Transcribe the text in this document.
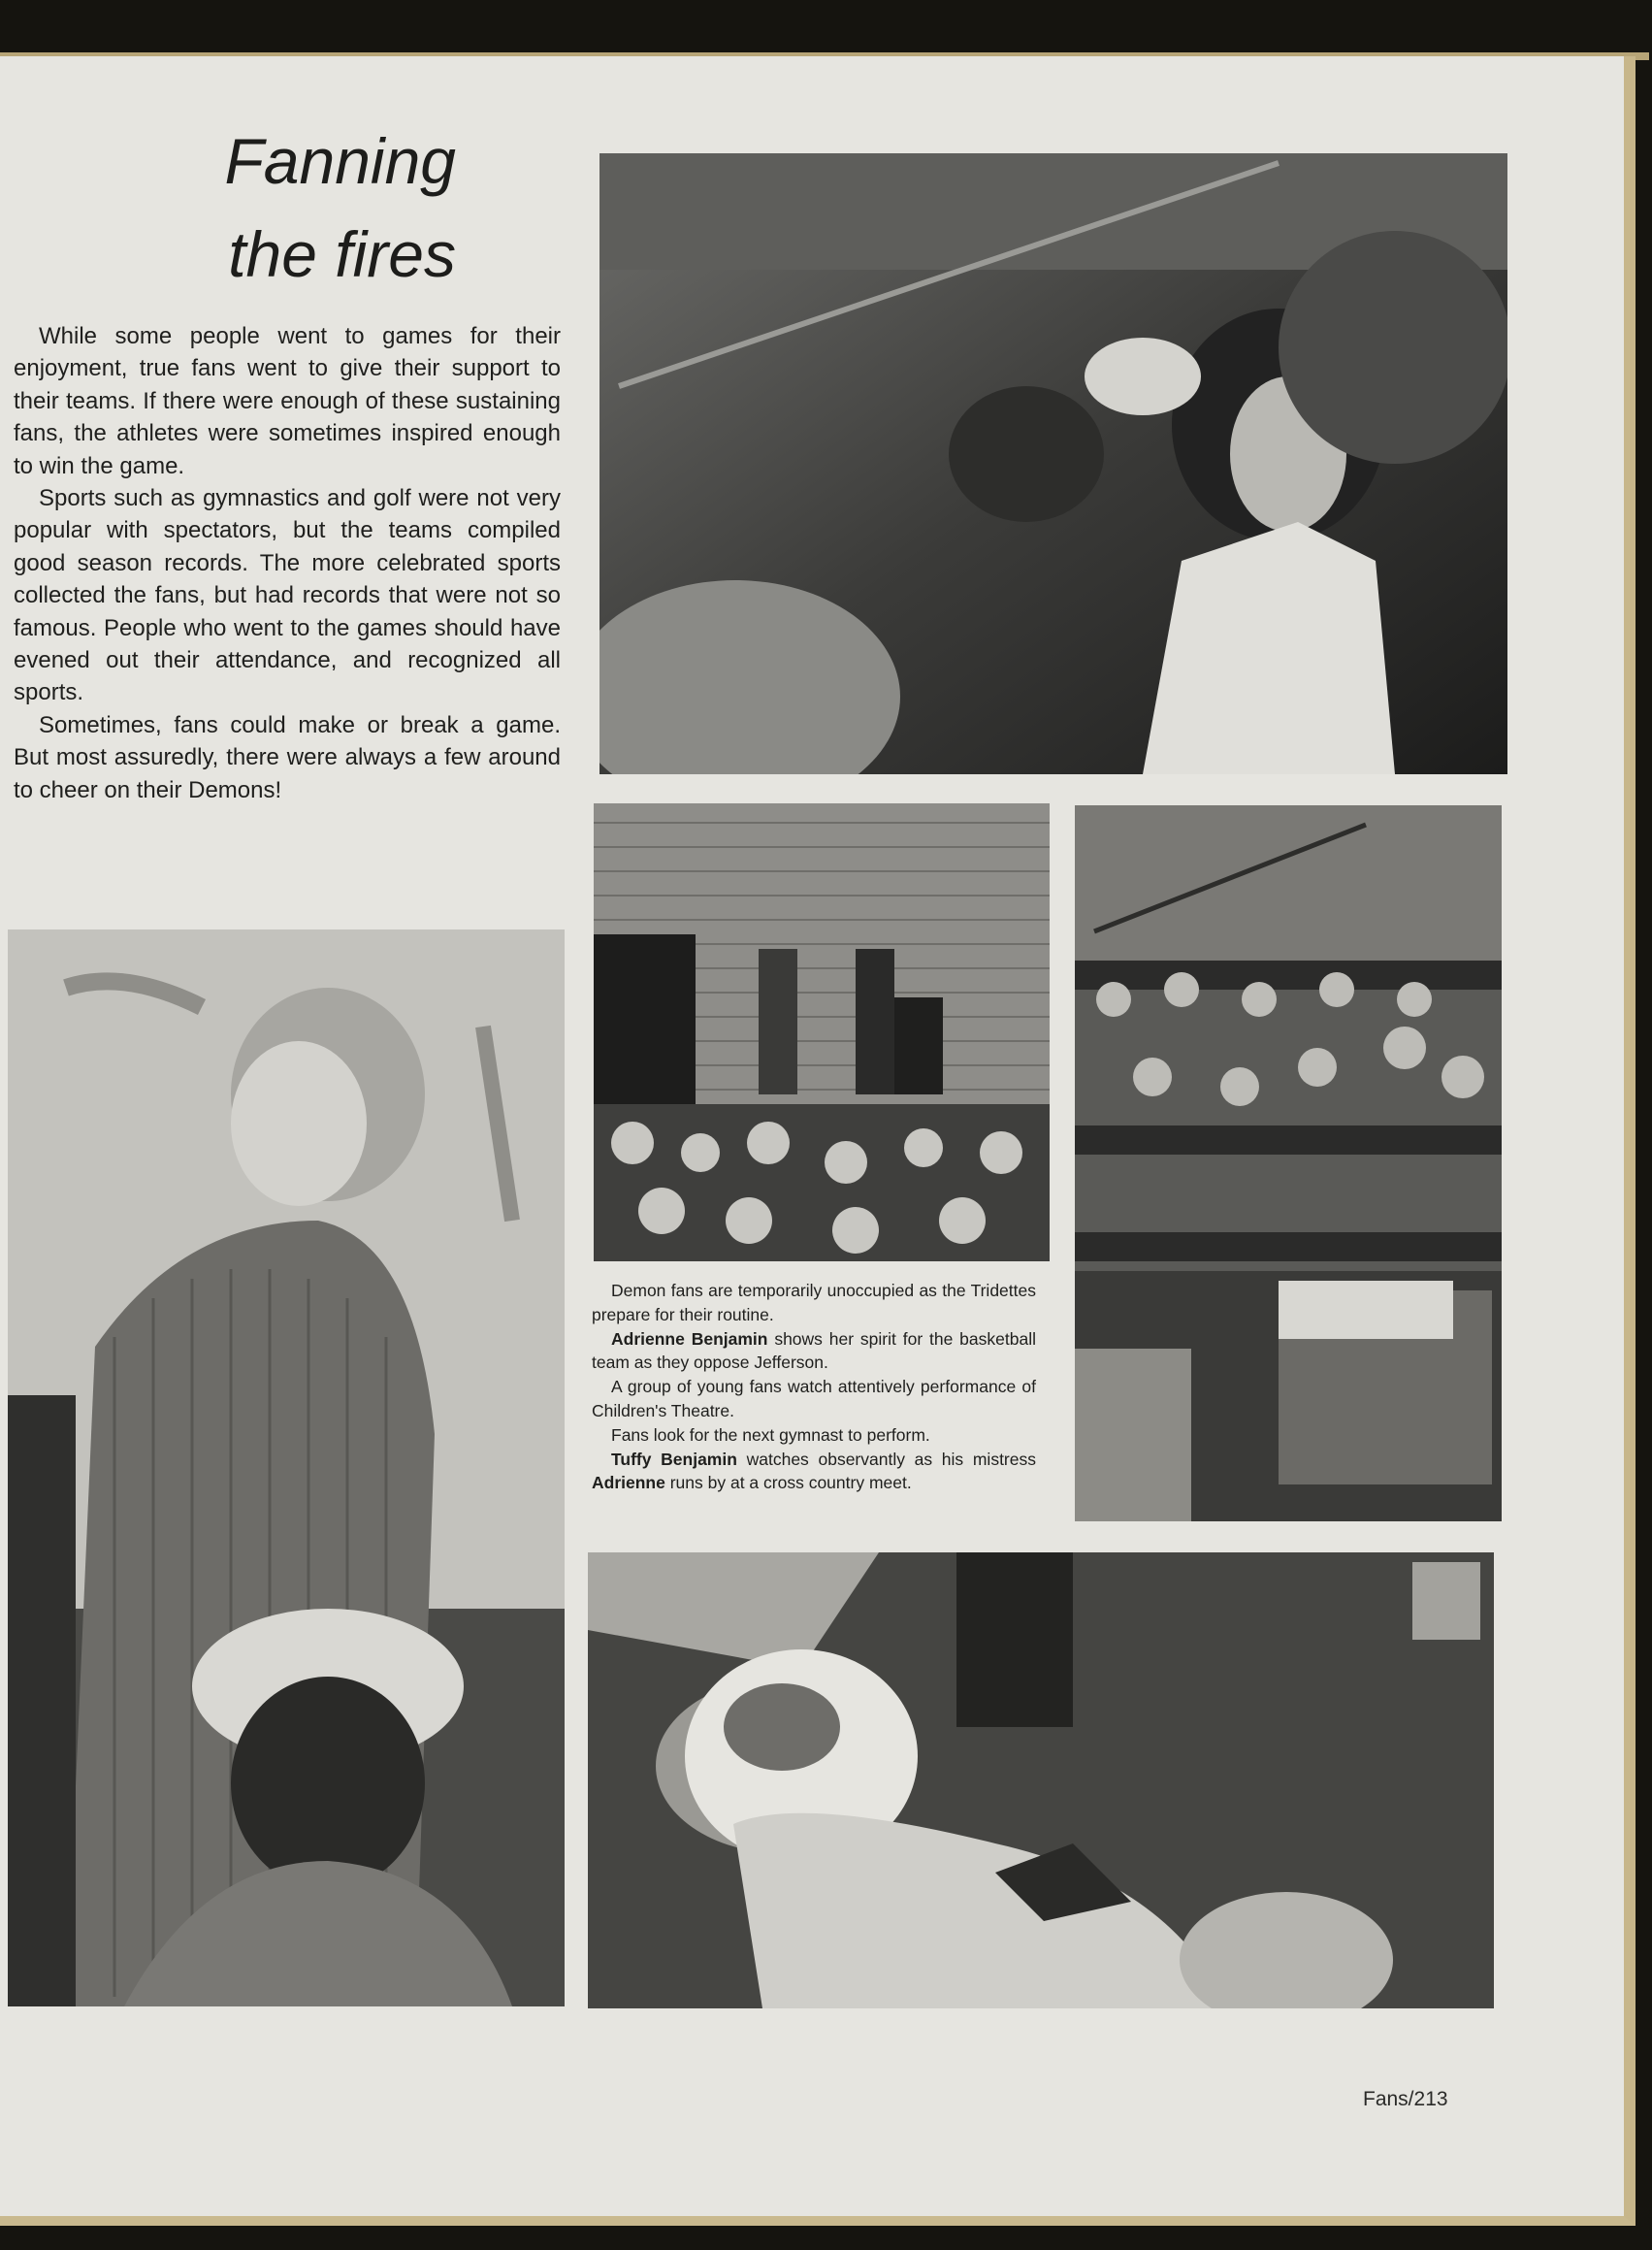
Fanning
the fires

While some people went to games for their enjoyment, true fans went to give their support to their teams. If there were enough of these sustaining fans, the athletes were sometimes inspired enough to win the game.

Sports such as gymnastics and golf were not very popular with spectators, but the teams compiled good season records. The more celebrated sports collected the fans, but had records that were not so famous. People who went to the games should have evened out their attendance, and recognized all sports.

Sometimes, fans could make or break a game. But most assuredly, there were always a few around to cheer on their Demons!

Demon fans are temporarily unoccupied as the Tridettes prepare for their routine.

Adrienne Benjamin shows her spirit for the basketball team as they oppose Jefferson.

A group of young fans watch attentively performance of Children's Theatre.

Fans look for the next gymnast to perform.

Tuffy Benjamin watches observantly as his mistress Adrienne runs by at a cross country meet.

Fans/213
